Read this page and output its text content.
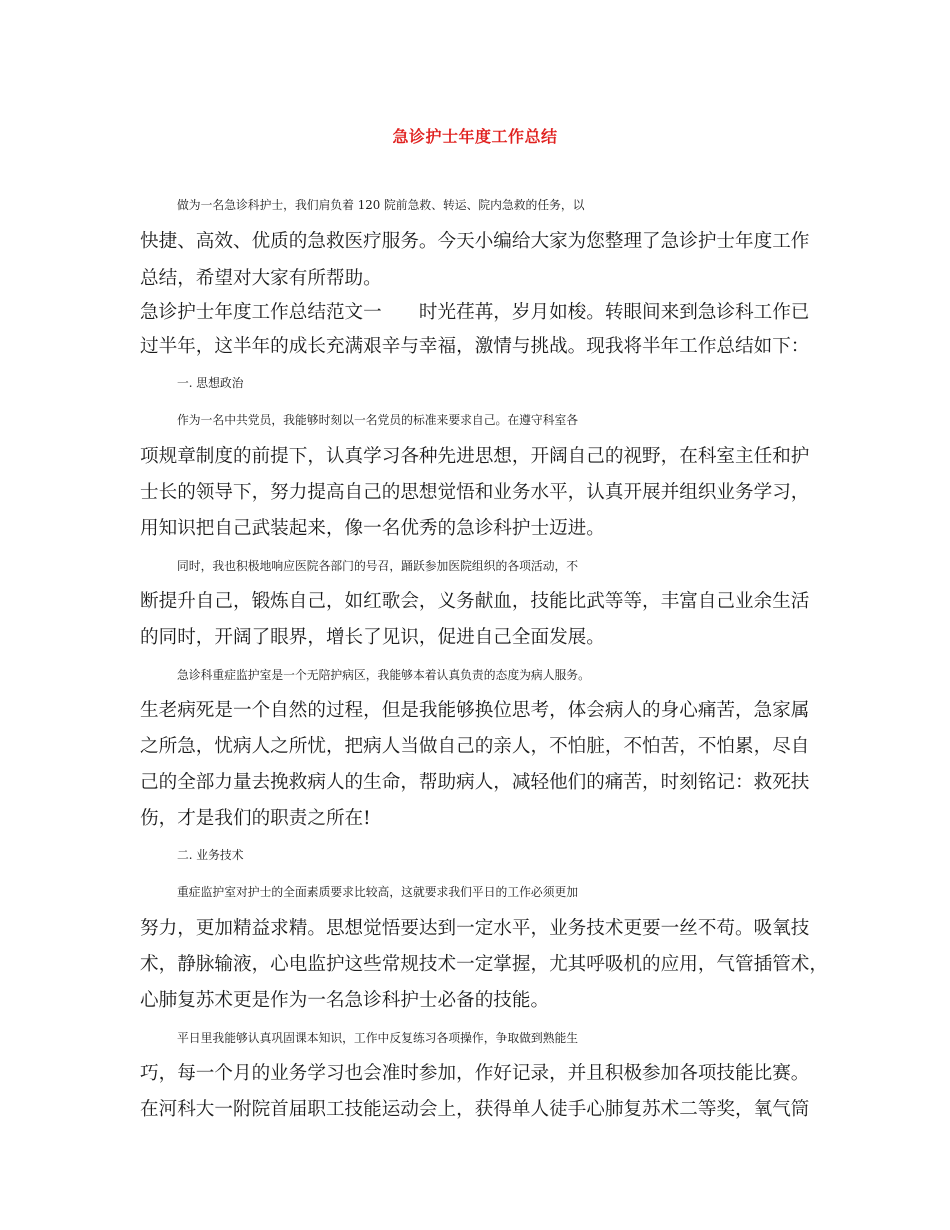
急诊护士年度工作总结
做为一名急诊科护士，我们肩负着 120 院前急救、转运、院内急救的任务，以
快捷、高效、优质的急救医疗服务。今天小编给大家为您整理了急诊护士年度工作
总结，希望对大家有所帮助。
急诊护士年度工作总结范文一　　时光荏苒，岁月如梭。转眼间来到急诊科工作已
过半年，这半年的成长充满艰辛与幸福，激情与挑战。现我将半年工作总结如下：
一. 思想政治
作为一名中共党员，我能够时刻以一名党员的标准来要求自己。在遵守科室各
项规章制度的前提下，认真学习各种先进思想，开阔自己的视野，在科室主任和护
士长的领导下，努力提高自己的思想觉悟和业务水平，认真开展并组织业务学习，
用知识把自己武装起来，像一名优秀的急诊科护士迈进。
同时，我也积极地响应医院各部门的号召，踊跃参加医院组织的各项活动，不
断提升自己，锻炼自己，如红歌会，义务献血，技能比武等等，丰富自己业余生活
的同时，开阔了眼界，增长了见识，促进自己全面发展。
急诊科重症监护室是一个无陪护病区，我能够本着认真负责的态度为病人服务。
生老病死是一个自然的过程，但是我能够换位思考，体会病人的身心痛苦，急家属
之所急，忧病人之所忧，把病人当做自己的亲人，不怕脏，不怕苦，不怕累，尽自
己的全部力量去挽救病人的生命，帮助病人，减轻他们的痛苦，时刻铭记：救死扶
伤，才是我们的职责之所在!
二. 业务技术
重症监护室对护士的全面素质要求比较高，这就要求我们平日的工作必须更加
努力，更加精益求精。思想觉悟要达到一定水平，业务技术更要一丝不苟。吸氧技
术，静脉输液，心电监护这些常规技术一定掌握，尤其呼吸机的应用，气管插管术，
心肺复苏术更是作为一名急诊科护士必备的技能。
平日里我能够认真巩固课本知识，工作中反复练习各项操作，争取做到熟能生
巧，每一个月的业务学习也会准时参加，作好记录，并且积极参加各项技能比赛。
在河科大一附院首届职工技能运动会上，获得单人徒手心肺复苏术二等奖，氧气筒
